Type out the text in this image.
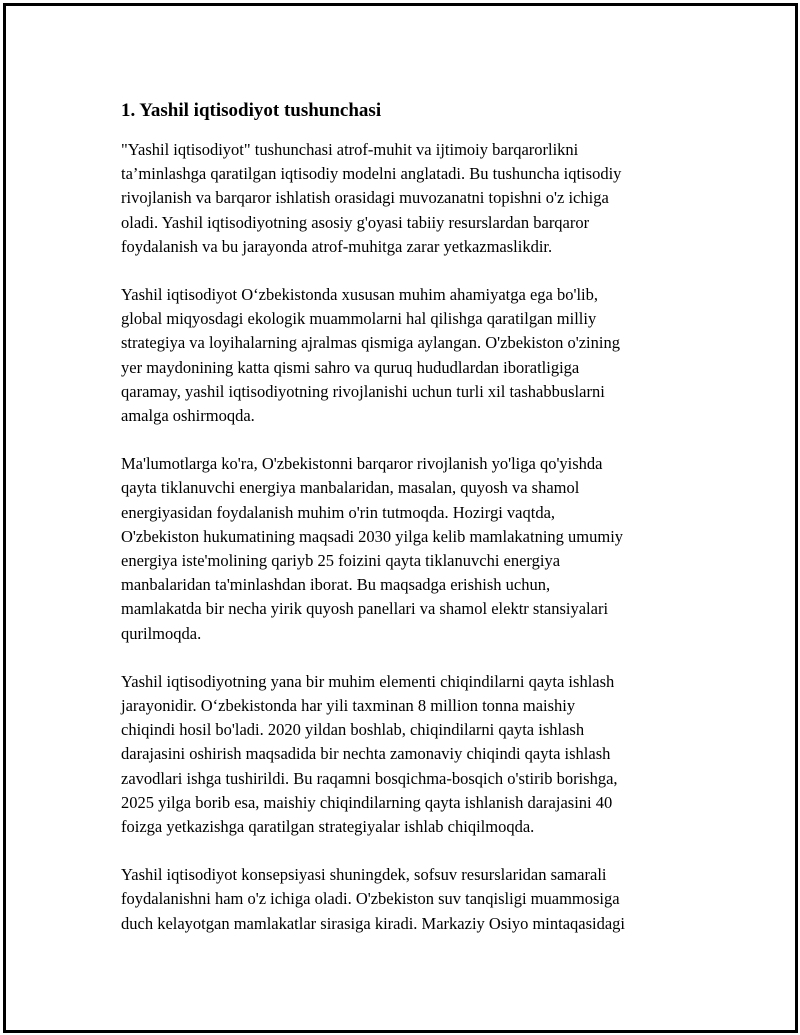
1. Yashil iqtisodiyot tushunchasi

"Yashil iqtisodiyot" tushunchasi atrof-muhit va ijtimoiy barqarorlikni
ta’minlashga qaratilgan iqtisodiy modelni anglatadi. Bu tushuncha iqtisodiy
rivojlanish va barqaror ishlatish orasidagi muvozanatni topishni o'z ichiga
oladi. Yashil iqtisodiyotning asosiy g'oyasi tabiiy resurslardan barqaror
foydalanish va bu jarayonda atrof-muhitga zarar yetkazmaslikdir.

Yashil iqtisodiyot O‘zbekistonda xususan muhim ahamiyatga ega bo'lib,
global miqyosdagi ekologik muammolarni hal qilishga qaratilgan milliy
strategiya va loyihalarning ajralmas qismiga aylangan. O'zbekiston o'zining
yer maydonining katta qismi sahro va quruq hududlardan iboratligiga
qaramay, yashil iqtisodiyotning rivojlanishi uchun turli xil tashabbuslarni
amalga oshirmoqda.

Ma'lumotlarga ko'ra, O'zbekistonni barqaror rivojlanish yo'liga qo'yishda
qayta tiklanuvchi energiya manbalaridan, masalan, quyosh va shamol
energiyasidan foydalanish muhim o'rin tutmoqda. Hozirgi vaqtda,
O'zbekiston hukumatining maqsadi 2030 yilga kelib mamlakatning umumiy
energiya iste'molining qariyb 25 foizini qayta tiklanuvchi energiya
manbalaridan ta'minlashdan iborat. Bu maqsadga erishish uchun,
mamlakatda bir necha yirik quyosh panellari va shamol elektr stansiyalari
qurilmoqda.

Yashil iqtisodiyotning yana bir muhim elementi chiqindilarni qayta ishlash
jarayonidir. O‘zbekistonda har yili taxminan 8 million tonna maishiy
chiqindi hosil bo'ladi. 2020 yildan boshlab, chiqindilarni qayta ishlash
darajasini oshirish maqsadida bir nechta zamonaviy chiqindi qayta ishlash
zavodlari ishga tushirildi. Bu raqamni bosqichma-bosqich o'stirib borishga,
2025 yilga borib esa, maishiy chiqindilarning qayta ishlanish darajasini 40
foizga yetkazishga qaratilgan strategiyalar ishlab chiqilmoqda.

Yashil iqtisodiyot konsepsiyasi shuningdek, sofsuv resurslaridan samarali
foydalanishni ham o'z ichiga oladi. O'zbekiston suv tanqisligi muammosiga
duch kelayotgan mamlakatlar sirasiga kiradi. Markaziy Osiyo mintaqasidagi
